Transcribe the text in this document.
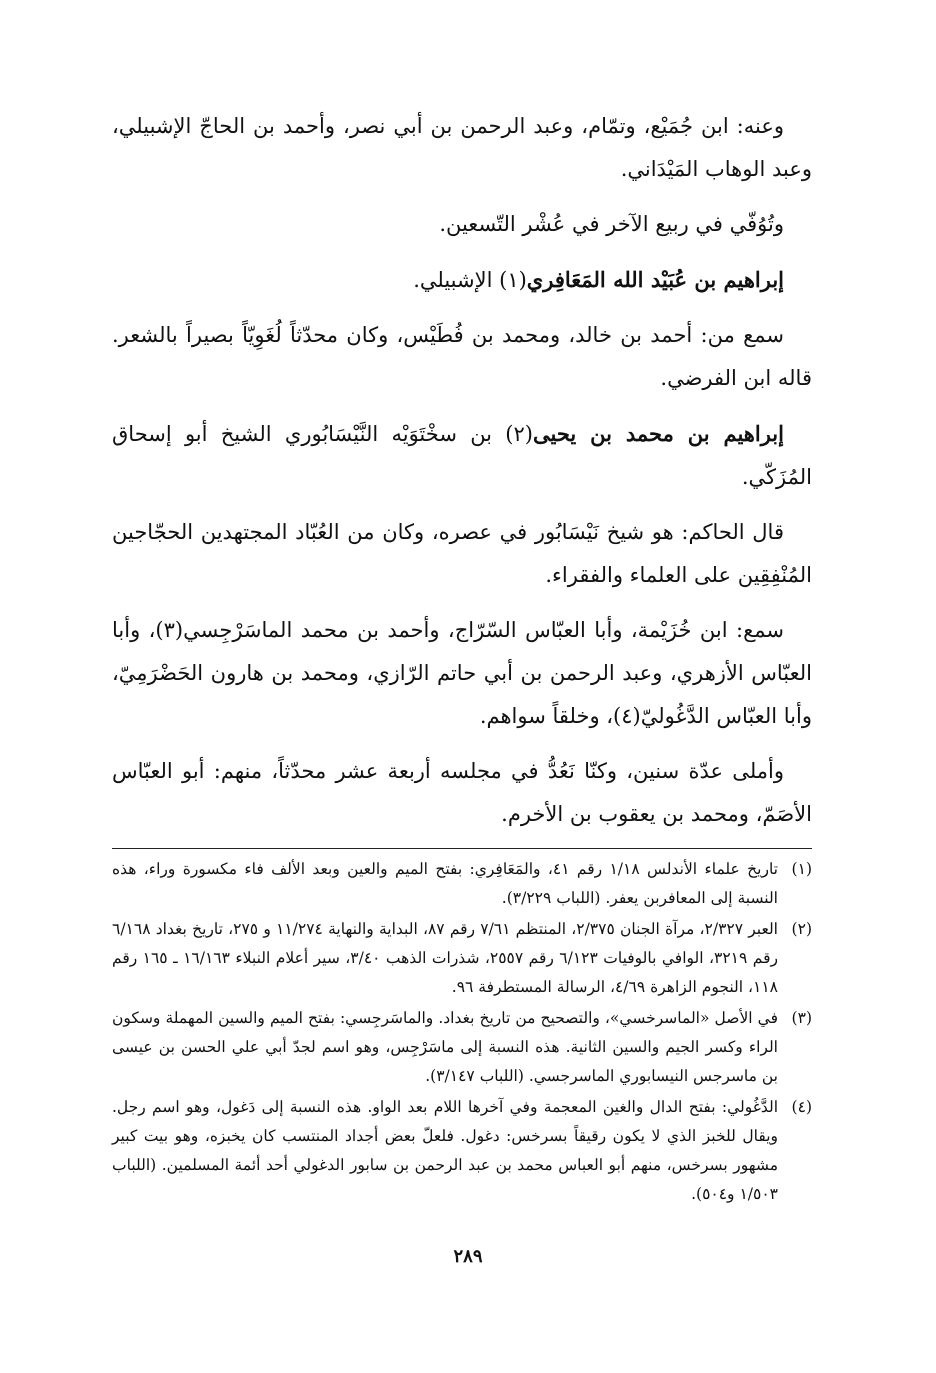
وعنه: ابن جُمَيْع، وتمّام، وعبد الرحمن بن أبي نصر، وأحمد بن الحاجّ الإشبيلي، وعبد الوهاب المَيْدَاني.

وتُوُفّي في ربيع الآخر في عُشْر التّسعين.

إبراهيم بن عُبَيْد الله المَعَافِري(١) الإشبيلي.

سمع من: أحمد بن خالد، ومحمد بن فُطَيْس، وكان محدّثاً لُغَوِيّاً بصيراً بالشعر. قاله ابن الفرضي.

إبراهيم بن محمد بن يحيى(٢) بن سخْتَوَيْه النَّيْسَابُوري الشيخ أبو إسحاق المُزَكّي.

قال الحاكم: هو شيخ نَيْسَابُور في عصره، وكان من العُبّاد المجتهدين الحجّاجين المُنْفِقِين على العلماء والفقراء.

سمع: ابن خُزَيْمة، وأبا العبّاس السّرّاج، وأحمد بن محمد الماسَرْجِسي(٣)، وأبا العبّاس الأزهري، وعبد الرحمن بن أبي حاتم الرّازي، ومحمد بن هارون الحَضْرَمِيّ، وأبا العبّاس الدَّغُوليّ(٤)، وخلقاً سواهم.

وأملى عدّة سنين، وكنّا نَعُدُّ في مجلسه أربعة عشر محدّثاً، منهم: أبو العبّاس الأصَمّ، ومحمد بن يعقوب بن الأخرم.

(١)
تاريخ علماء الأندلس ١/١٨ رقم ٤١، والمَعَافِري: بفتح الميم والعين وبعد الألف فاء مكسورة وراء، هذه النسبة إلى المعافربن يعفر. (اللباب ٣/٢٢٩).
(٢)
العبر ٢/٣٢٧، مرآة الجنان ٢/٣٧٥، المنتظم ٧/٦١ رقم ٨٧، البداية والنهاية ١١/٢٧٤ و ٢٧٥، تاريخ بغداد ٦/١٦٨ رقم ٣٢١٩، الوافي بالوفيات ٦/١٢٣ رقم ٢٥٥٧، شذرات الذهب ٣/٤٠، سير أعلام النبلاء ١٦/١٦٣ ـ ١٦٥ رقم ١١٨، النجوم الزاهرة ٤/٦٩، الرسالة المستطرفة ٩٦.
(٣)
في الأصل «الماسرخسي»، والتصحيح من تاريخ بغداد. والماسَرجِسي: بفتح الميم والسين المهملة وسكون الراء وكسر الجيم والسين الثانية. هذه النسبة إلى ماسَرْجِس، وهو اسم لجدّ أبي علي الحسن بن عيسى بن ماسرجس النيسابوري الماسرجسي. (اللباب ٣/١٤٧).
(٤)
الدَّغُولي: بفتح الدال والغين المعجمة وفي آخرها اللام بعد الواو. هذه النسبة إلى دَغول، وهو اسم رجل. ويقال للخبز الذي لا يكون رقيقاً بسرخس: دغول. فلعلّ بعض أجداد المنتسب كان يخبزه، وهو بيت كبير مشهور بسرخس، منهم أبو العباس محمد بن عبد الرحمن بن سابور الدغولي أحد أئمة المسلمين. (اللباب ١/٥٠٣ و٥٠٤).
٢٨٩
